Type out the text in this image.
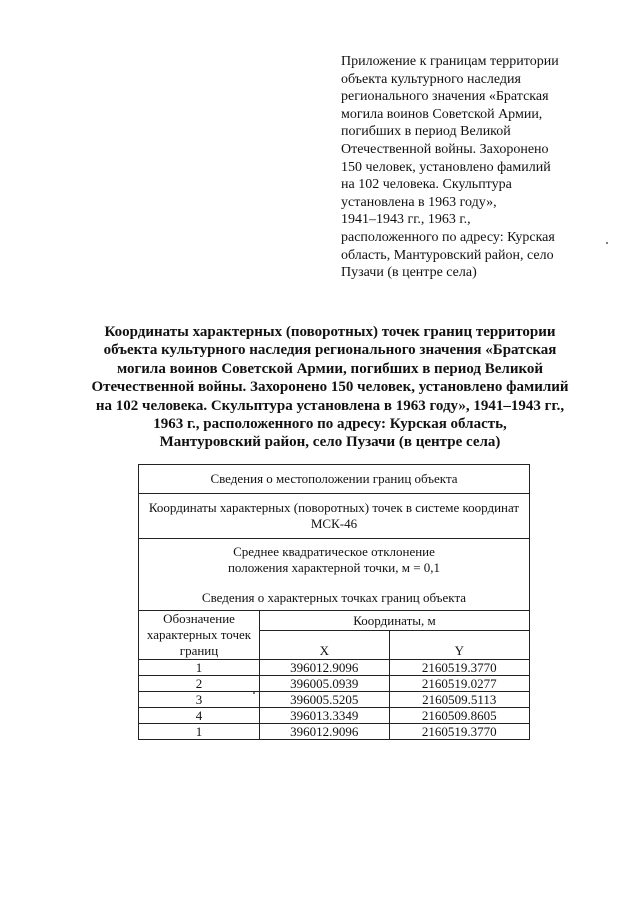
Приложение к границам территории
объекта культурного наследия
регионального значения «Братская
могила воинов Советской Армии,
погибших в период Великой
Отечественной войны. Захоронено
150 человек, установлено фамилий
на 102 человека. Скульптура
установлена в 1963 году»,
1941–1943 гг., 1963 г.,
расположенного по адресу: Курская
область, Мантуровский район, село
Пузачи (в центре села)
Координаты характерных (поворотных) точек границ территории
объекта культурного наследия регионального значения «Братская
могила воинов Советской Армии, погибших в период Великой
Отечественной войны. Захоронено 150 человек, установлено фамилий
на 102 человека. Скульптура установлена в 1963 году», 1941–1943 гг.,
1963 г., расположенного по адресу: Курская область,
Мантуровский район, село Пузачи (в центре села)
Сведения о местоположении границ объекта		

Координаты характерных (поворотных) точек в системе координат
МСК-46		

Среднее квадратическое отклонение
положения характерной точки, м = 0,1
Сведения о характерных точках границ объекта		

Обозначение
характерных точек
границ	Координаты, м	
	X	Y
1	396012.9096	2160519.3770
2	396005.0939	2160519.0277
3	396005.5205	2160509.5113
4	396013.3349	2160509.8605
1	396012.9096	2160519.3770
